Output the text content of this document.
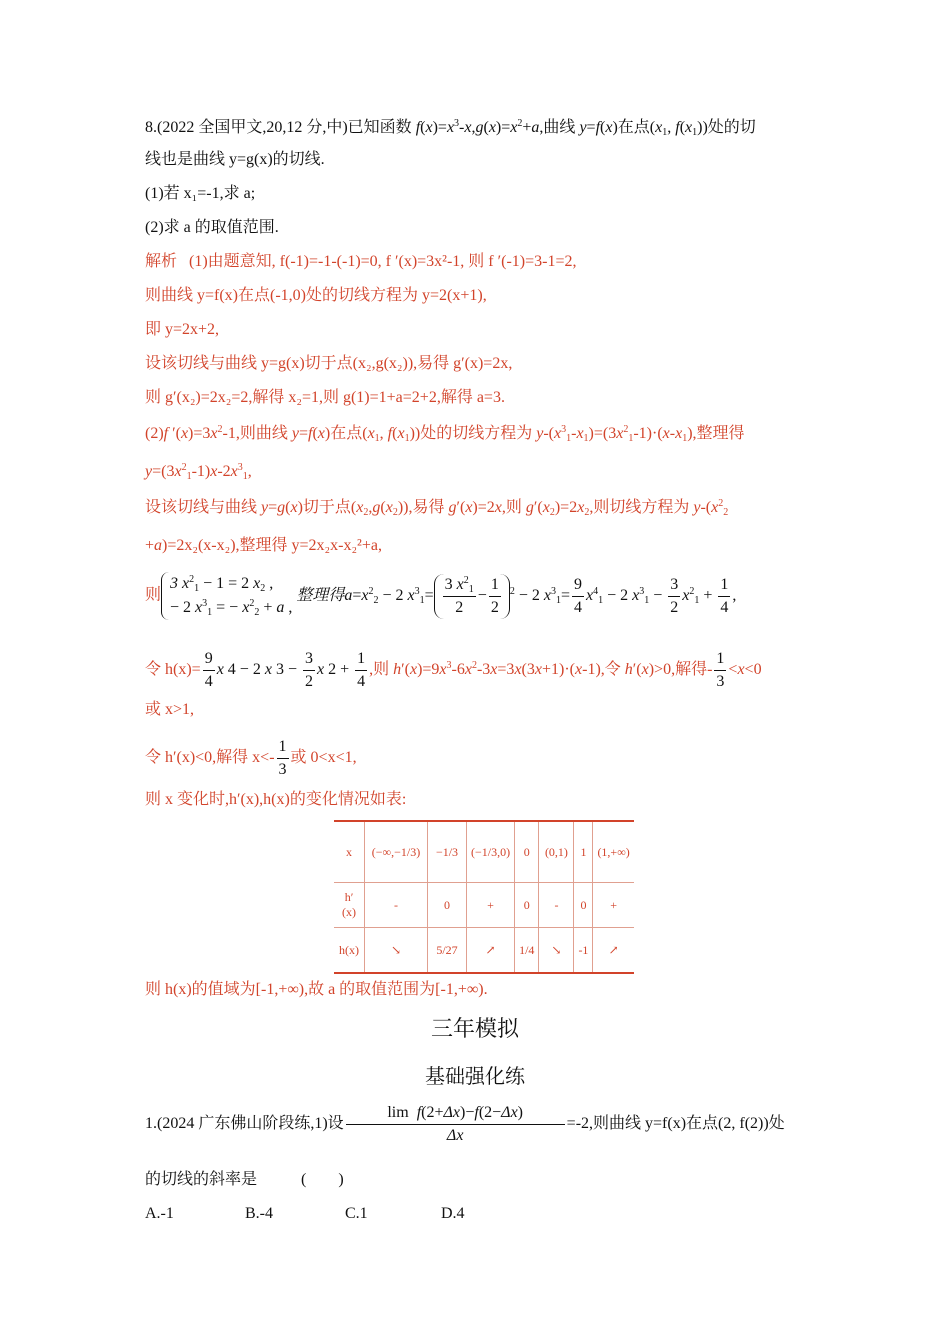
8.(2022 全国甲文,20,12 分,中)已知函数 $f(x)=x^3-x,g(x)=x^2+a$,曲线 y=f(x)在点($x_1$, $f(x_1)$)处的切
线也是曲线 y=g(x)的切线.
(1)若 x₁=-1,求 a;
(2)求 a 的取值范围.
解析 (1)由题意知, f(-1)=-1-(-1)=0, f ′(x)=3x²-1, 则 f ′(-1)=3-1=2,
则曲线 y=f(x)在点(-1,0)处的切线方程为 y=2(x+1),
即 y=2x+2,
设该切线与曲线 y=g(x)切于点(x₂,g(x₂)),易得 g′(x)=2x,
则 g′(x₂)=2x₂=2,解得 x₂=1,则 g(1)=1+a=2+2,解得 a=3.
(2)f $'(x)=3x^2-1$,则曲线 y=f(x)在点($x_1$, $f(x_1)$)处的切线方程为 $y-(x^3_1-x_1)=(3x^2_1-1)\cdot(x-x_1)$,整理得
$y=(3x^2_1-1)x-2x^3_1$,
设该切线与曲线 y=g(x)切于点$(x_2,g(x_2))$,易得 g′(x)=2x,则 $g'(x_2)=2x_2$,则切线方程为 $y-(x^2_2$
+a)=2x₂(x-x₂),整理得 y=2x₂x-x₂²+a,
则
3 $x^2_1 - 1 = 2$ $x_2$ ,
− 2 $x^3_1$ = − $x^2_2 + a$ ,
整理得$a=x^2_2 - 2$ $x^3_1= \frac{3 x^2_1}{2} - \frac{1}{2} ^2 - 2$ $x^3_1= \frac{9}{4} x^4_1 - 2$ $x^3_1 - \frac{3}{2} x^2_1 + \frac{1}{4}$ ,
令 $h(x)= \frac{9}{4}$ x 4 − 2 x $3 - \frac{3}{2}$ x $2 + \frac{1}{4}$ ,则 $h'(x)=9x^3-6x^2-3x=3x(3x+1)\cdot(x-1)$,令 h′(x)>0,解得- $\frac{1}{3} <x<0$
或 x>1,
令 h′(x)<0,解得 $x<- \frac{1}{3}$ 或 0<x<1,
则 x 变化时,h′(x),h(x)的变化情况如表:
x	(−∞,−1/3)	−1/3	(−1/3,0)	0	(0,1)	1	(1,+∞)
h′(x)	-	0	+	0	-	0	+
h(x)	↘	5/27	↗	1/4	↘	-1	↗
则 h(x)的值域为[-1,+∞),故 a 的取值范围为[-1,+∞).
三年模拟
基础强化练
1.(2024 广东佛山阶段练,1)设 $\frac{\text{lim f(2+Δx)−f(2−Δx)}}{\Delta x} =-2$,则曲线 y=f(x)在点(2, f(2))处
的切线的斜率是	(　　)
A.-1	B.-4	C.1	D.4
